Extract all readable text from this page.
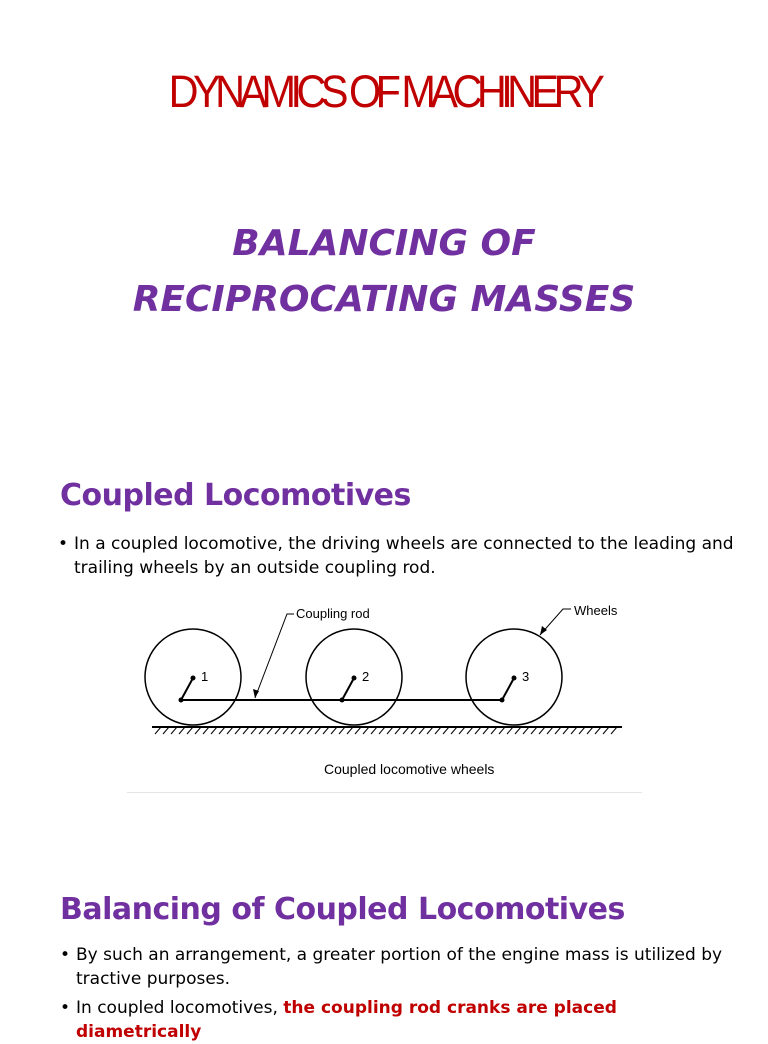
DYNAMICS OF MACHINERY
BALANCING OF
RECIPROCATING MASSES
Coupled Locomotives
• In a coupled locomotive, the driving wheels are connected to the leading and trailing wheels by an outside coupling rod.
1	2	3
Coupling rod	Wheels
Coupled locomotive wheels
Balancing of Coupled Locomotives
• By such an arrangement, a greater portion of the engine mass is utilized by tractive purposes.
• In coupled locomotives, the coupling rod cranks are placed diametrically
